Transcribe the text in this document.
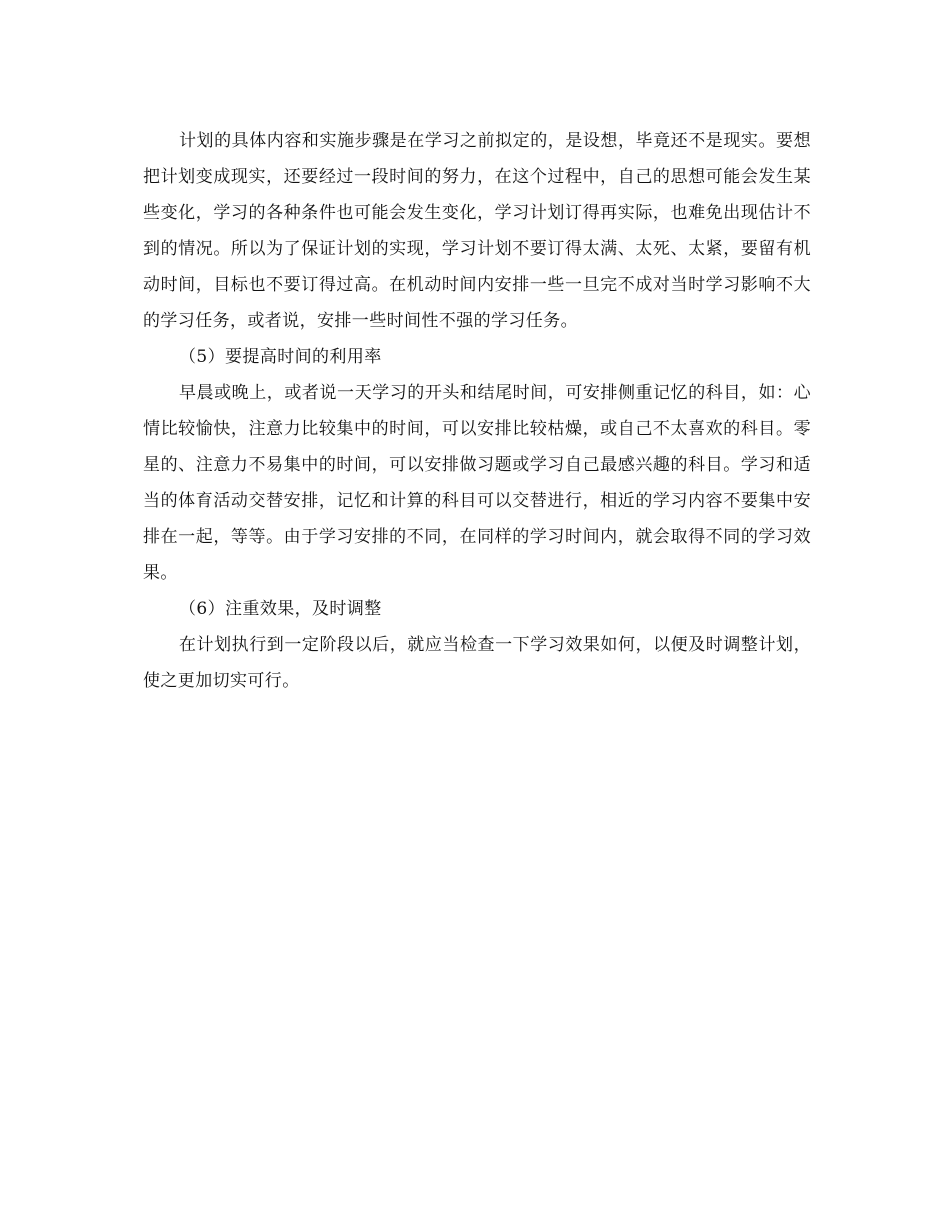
计划的具体内容和实施步骤是在学习之前拟定的，是设想，毕竟还不是现实。要想把计划变成现实，还要经过一段时间的努力，在这个过程中，自己的思想可能会发生某些变化，学习的各种条件也可能会发生变化，学习计划订得再实际，也难免出现估计不到的情况。所以为了保证计划的实现，学习计划不要订得太满、太死、太紧，要留有机动时间，目标也不要订得过高。在机动时间内安排一些一旦完不成对当时学习影响不大的学习任务，或者说，安排一些时间性不强的学习任务。

（5）要提高时间的利用率

早晨或晚上，或者说一天学习的开头和结尾时间，可安排侧重记忆的科目，如：心情比较愉快，注意力比较集中的时间，可以安排比较枯燥，或自己不太喜欢的科目。零星的、注意力不易集中的时间，可以安排做习题或学习自己最感兴趣的科目。学习和适当的体育活动交替安排，记忆和计算的科目可以交替进行，相近的学习内容不要集中安排在一起，等等。由于学习安排的不同，在同样的学习时间内，就会取得不同的学习效果。

（6）注重效果，及时调整

在计划执行到一定阶段以后，就应当检查一下学习效果如何，以便及时调整计划，使之更加切实可行。
